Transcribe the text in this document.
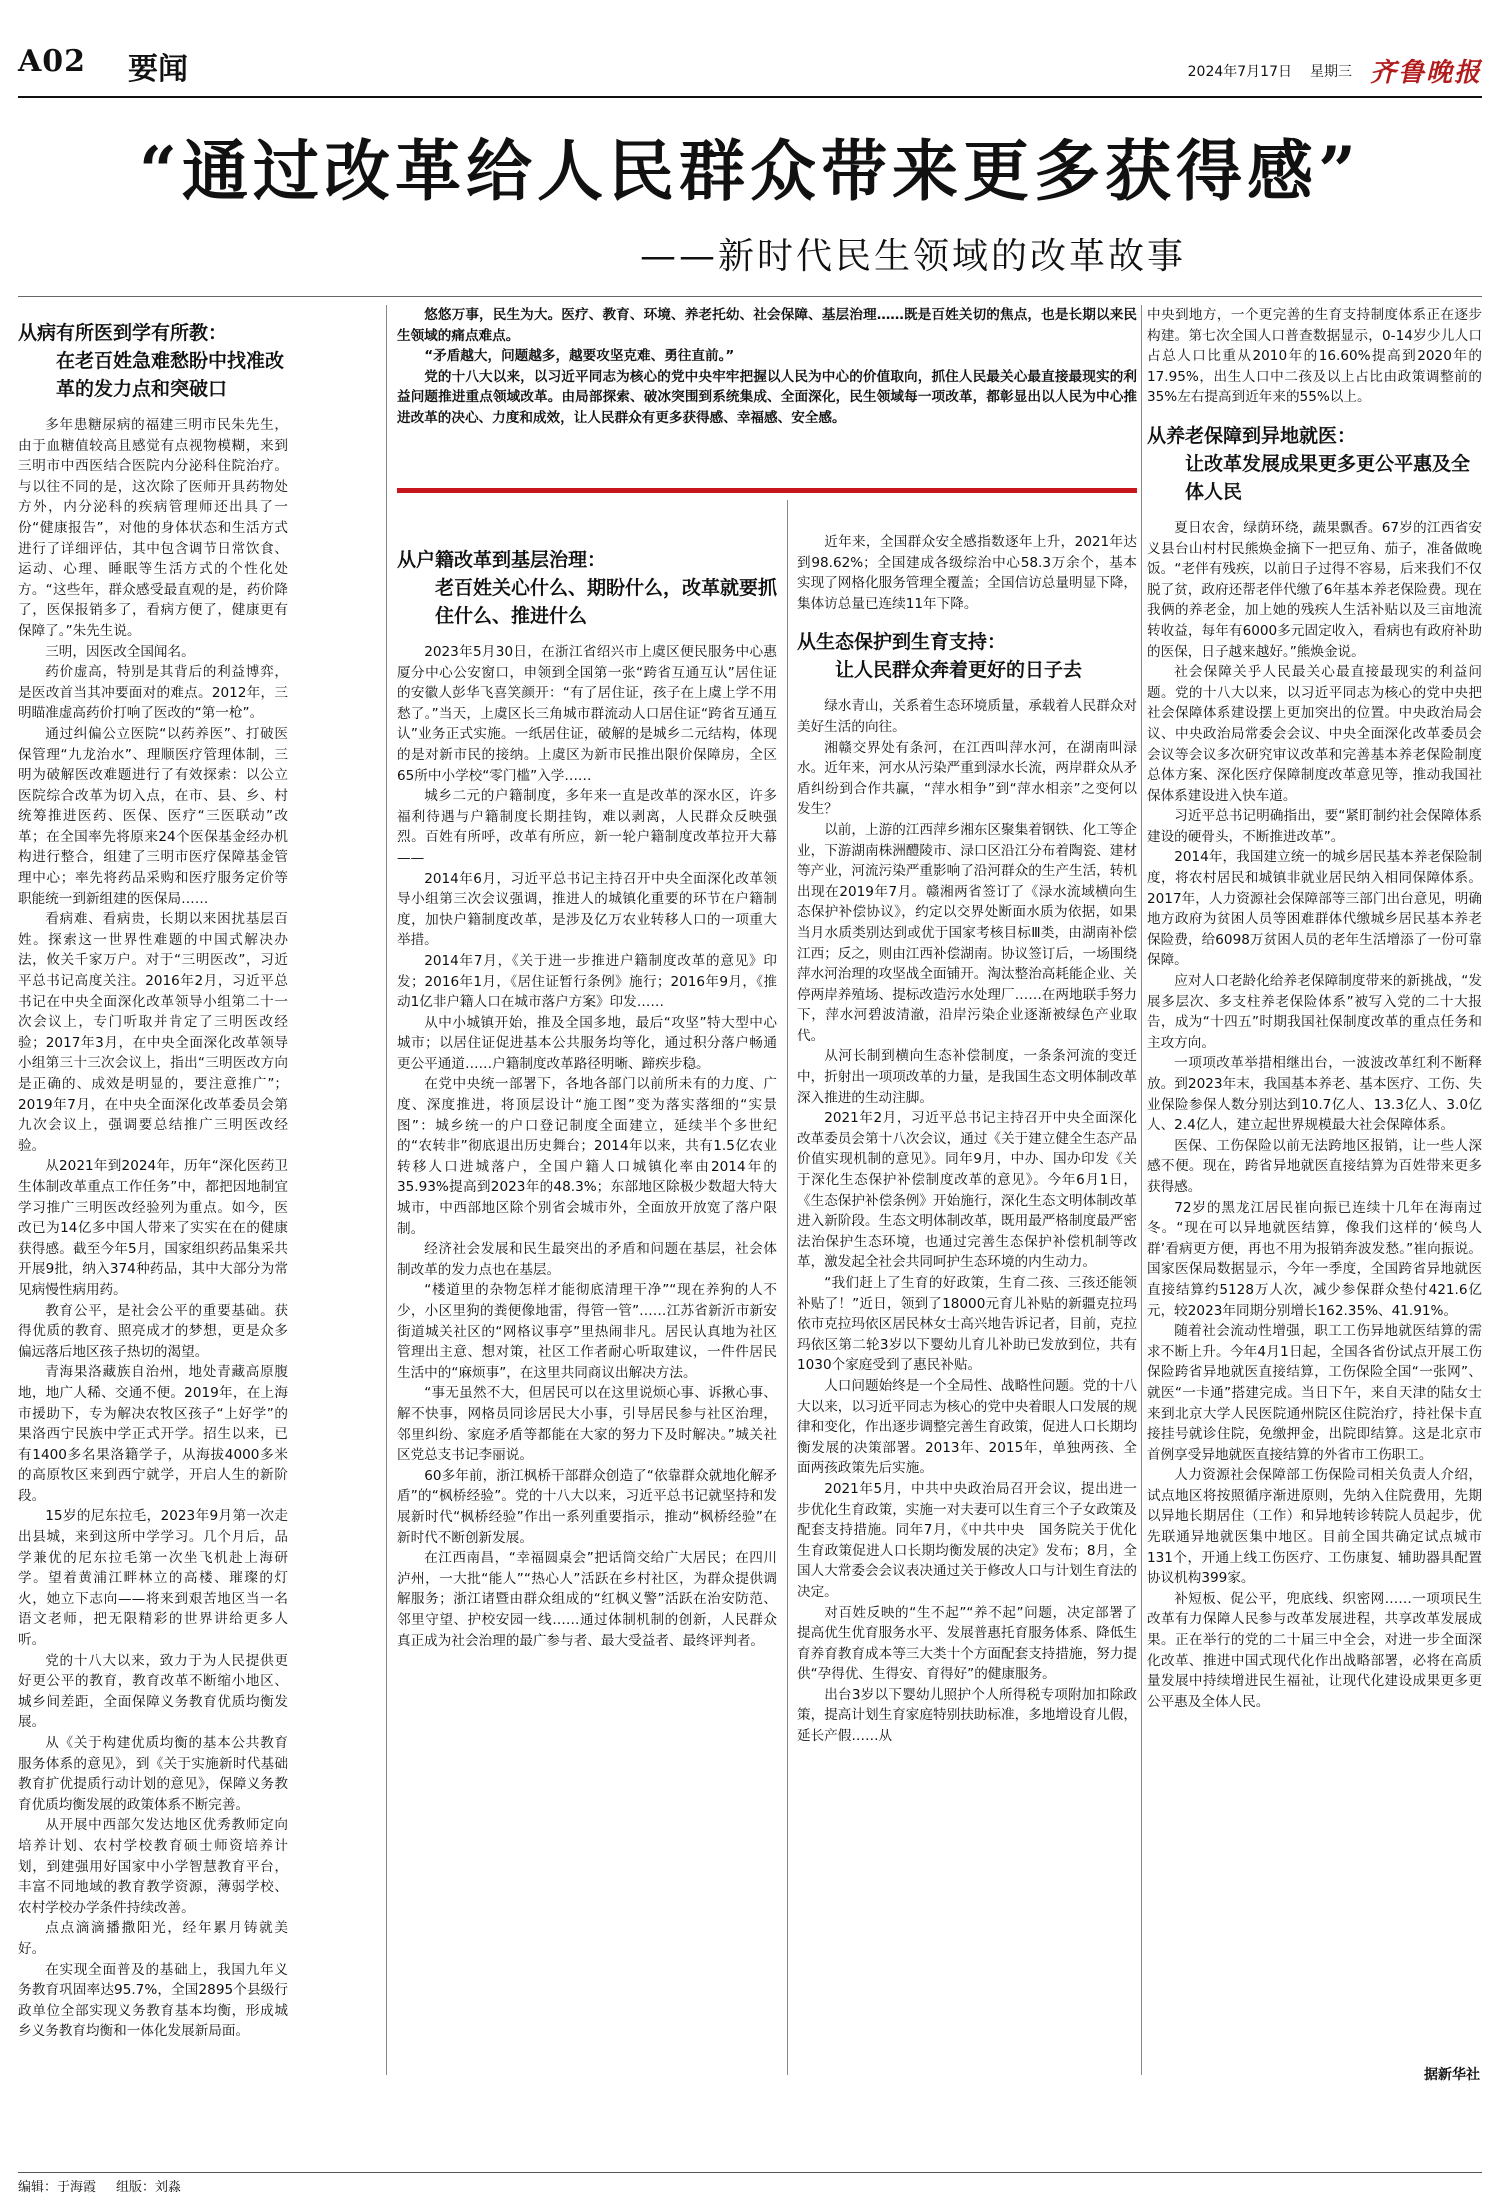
A02 要闻	2024年7月17日 星期三 齐鲁晚报
“通过改革给人民群众带来更多获得感”
——新时代民生领域的改革故事
从病有所医到学有所教：
在老百姓急难愁盼中找准改革的发力点和突破口

多年患糖尿病的福建三明市民朱先生，由于血糖值较高且感觉有点视物模糊，来到三明市中西医结合医院内分泌科住院治疗。与以往不同的是，这次除了医师开具药物处方外，内分泌科的疾病管理师还出具了一份“健康报告”，对他的身体状态和生活方式进行了详细评估，其中包含调节日常饮食、运动、心理、睡眠等生活方式的个性化处方。“这些年，群众感受最直观的是，药价降了，医保报销多了，看病方便了，健康更有保障了。”朱先生说。

三明，因医改全国闻名。

药价虚高，特别是其背后的利益博弈，是医改首当其冲要面对的难点。2012年，三明瞄准虚高药价打响了医改的“第一枪”。

通过纠偏公立医院“以药养医”、打破医保管理“九龙治水”、理顺医疗管理体制，三明为破解医改难题进行了有效探索：以公立医院综合改革为切入点，在市、县、乡、村统筹推进医药、医保、医疗“三医联动”改革；在全国率先将原来24个医保基金经办机构进行整合，组建了三明市医疗保障基金管理中心；率先将药品采购和医疗服务定价等职能统一到新组建的医保局……

看病难、看病贵，长期以来困扰基层百姓。探索这一世界性难题的中国式解决办法，攸关千家万户。对于“三明医改”，习近平总书记高度关注。2016年2月，习近平总书记在中央全面深化改革领导小组第二十一次会议上，专门听取并肯定了三明医改经验；2017年3月，在中央全面深化改革领导小组第三十三次会议上，指出“三明医改方向是正确的、成效是明显的，要注意推广”；2019年7月，在中央全面深化改革委员会第九次会议上，强调要总结推广三明医改经验。

从2021年到2024年，历年“深化医药卫生体制改革重点工作任务”中，都把因地制宜学习推广三明医改经验列为重点。如今，医改已为14亿多中国人带来了实实在在的健康获得感。截至今年5月，国家组织药品集采共开展9批，纳入374种药品，其中大部分为常见病慢性病用药。

教育公平，是社会公平的重要基础。获得优质的教育、照亮成才的梦想，更是众多偏远落后地区孩子热切的渴望。

青海果洛藏族自治州，地处青藏高原腹地，地广人稀、交通不便。2019年，在上海市援助下，专为解决农牧区孩子“上好学”的果洛西宁民族中学正式开学。招生以来，已有1400多名果洛籍学子，从海拔4000多米的高原牧区来到西宁就学，开启人生的新阶段。

15岁的尼东拉毛，2023年9月第一次走出县城，来到这所中学学习。几个月后，品学兼优的尼东拉毛第一次坐飞机赴上海研学。望着黄浦江畔林立的高楼、璀璨的灯火，她立下志向——将来到艰苦地区当一名语文老师，把无限精彩的世界讲给更多人听。

党的十八大以来，致力于为人民提供更好更公平的教育，教育改革不断缩小地区、城乡间差距，全面保障义务教育优质均衡发展。

从《关于构建优质均衡的基本公共教育服务体系的意见》，到《关于实施新时代基础教育扩优提质行动计划的意见》，保障义务教育优质均衡发展的政策体系不断完善。

从开展中西部欠发达地区优秀教师定向培养计划、农村学校教育硕士师资培养计划，到建强用好国家中小学智慧教育平台，丰富不同地域的教育教学资源，薄弱学校、农村学校办学条件持续改善。

点点滴滴播撒阳光，经年累月铸就美好。

在实现全面普及的基础上，我国九年义务教育巩固率达95.7%，全国2895个县级行政单位全部实现义务教育基本均衡，形成城乡义务教育均衡和一体化发展新局面。

悠悠万事，民生为大。医疗、教育、环境、养老托幼、社会保障、基层治理……既是百姓关切的焦点，也是长期以来民生领域的痛点难点。

“矛盾越大，问题越多，越要攻坚克难、勇往直前。”

党的十八大以来，以习近平同志为核心的党中央牢牢把握以人民为中心的价值取向，抓住人民最关心最直接最现实的利益问题推进重点领域改革。由局部探索、破冰突围到系统集成、全面深化，民生领域每一项改革，都彰显出以人民为中心推进改革的决心、力度和成效，让人民群众有更多获得感、幸福感、安全感。

从户籍改革到基层治理：
老百姓关心什么、期盼什么，改革就要抓住什么、推进什么

2023年5月30日，在浙江省绍兴市上虞区便民服务中心惠厦分中心公安窗口，申领到全国第一张“跨省互通互认”居住证的安徽人彭华飞喜笑颜开：“有了居住证，孩子在上虞上学不用愁了。”当天，上虞区长三角城市群流动人口居住证“跨省互通互认”业务正式实施。一纸居住证，破解的是城乡二元结构，体现的是对新市民的接纳。上虞区为新市民推出限价保障房，全区65所中小学校“零门槛”入学……

城乡二元的户籍制度，多年来一直是改革的深水区，许多福利待遇与户籍制度长期挂钩，难以剥离，人民群众反映强烈。百姓有所呼，改革有所应，新一轮户籍制度改革拉开大幕——

2014年6月，习近平总书记主持召开中央全面深化改革领导小组第三次会议强调，推进人的城镇化重要的环节在户籍制度，加快户籍制度改革，是涉及亿万农业转移人口的一项重大举措。

2014年7月，《关于进一步推进户籍制度改革的意见》印发；2016年1月，《居住证暂行条例》施行；2016年9月，《推动1亿非户籍人口在城市落户方案》印发……

从中小城镇开始，推及全国多地，最后“攻坚”特大型中心城市；以居住证促进基本公共服务均等化，通过积分落户畅通更公平通道……户籍制度改革路径明晰、蹄疾步稳。

在党中央统一部署下，各地各部门以前所未有的力度、广度、深度推进，将顶层设计“施工图”变为落实落细的“实景图”：城乡统一的户口登记制度全面建立，延续半个多世纪的“农转非”彻底退出历史舞台；2014年以来，共有1.5亿农业转移人口进城落户，全国户籍人口城镇化率由2014年的35.93%提高到2023年的48.3%；东部地区除极少数超大特大城市，中西部地区除个别省会城市外，全面放开放宽了落户限制。

经济社会发展和民生最突出的矛盾和问题在基层，社会体制改革的发力点也在基层。

“楼道里的杂物怎样才能彻底清理干净”“现在养狗的人不少，小区里狗的粪便像地雷，得管一管”……江苏省新沂市新安街道城关社区的“网格议事亭”里热闹非凡。居民认真地为社区管理出主意、想对策，社区工作者耐心听取建议，一件件居民生活中的“麻烦事”，在这里共同商议出解决方法。

“事无虽然不大，但居民可以在这里说烦心事、诉揪心事、解不快事，网格员同诊居民大小事，引导居民参与社区治理，邻里纠纷、家庭矛盾等都能在大家的努力下及时解决。”城关社区党总支书记李丽说。

60多年前，浙江枫桥干部群众创造了“依靠群众就地化解矛盾”的“枫桥经验”。党的十八大以来，习近平总书记就坚持和发展新时代“枫桥经验”作出一系列重要指示，推动“枫桥经验”在新时代不断创新发展。

在江西南昌，“幸福圆桌会”把话筒交给广大居民；在四川泸州，一大批“能人”“热心人”活跃在乡村社区，为群众提供调解服务；浙江诸暨由群众组成的“红枫义警”活跃在治安防范、邻里守望、护校安园一线……通过体制机制的创新，人民群众真正成为社会治理的最广参与者、最大受益者、最终评判者。

近年来，全国群众安全感指数逐年上升，2021年达到98.62%；全国建成各级综治中心58.3万余个，基本实现了网格化服务管理全覆盖；全国信访总量明显下降，集体访总量已连续11年下降。

从生态保护到生育支持：
让人民群众奔着更好的日子去

绿水青山，关系着生态环境质量，承载着人民群众对美好生活的向往。

湘赣交界处有条河，在江西叫萍水河，在湖南叫渌水。近年来，河水从污染严重到渌水长流，两岸群众从矛盾纠纷到合作共赢，“萍水相争”到“萍水相亲”之变何以发生？

以前，上游的江西萍乡湘东区聚集着钢铁、化工等企业，下游湖南株洲醴陵市、渌口区沿江分布着陶瓷、建材等产业，河流污染严重影响了沿河群众的生产生活，转机出现在2019年7月。赣湘两省签订了《渌水流域横向生态保护补偿协议》，约定以交界处断面水质为依据，如果当月水质类别达到或优于国家考核目标Ⅲ类，由湖南补偿江西；反之，则由江西补偿湖南。协议签订后，一场围绕萍水河治理的攻坚战全面铺开。淘汰整治高耗能企业、关停两岸养殖场、提标改造污水处理厂……在两地联手努力下，萍水河碧波清澈，沿岸污染企业逐渐被绿色产业取代。

从河长制到横向生态补偿制度，一条条河流的变迁中，折射出一项项改革的力量，是我国生态文明体制改革深入推进的生动注脚。

2021年2月，习近平总书记主持召开中央全面深化改革委员会第十八次会议，通过《关于建立健全生态产品价值实现机制的意见》。同年9月，中办、国办印发《关于深化生态保护补偿制度改革的意见》。今年6月1日，《生态保护补偿条例》开始施行，深化生态文明体制改革进入新阶段。生态文明体制改革，既用最严格制度最严密法治保护生态环境，也通过完善生态保护补偿机制等改革，激发起全社会共同呵护生态环境的内生动力。

“我们赶上了生育的好政策，生育二孩、三孩还能领补贴了！”近日，领到了18000元育儿补贴的新疆克拉玛依市克拉玛依区居民林女士高兴地告诉记者，目前，克拉玛依区第二轮3岁以下婴幼儿育儿补助已发放到位，共有1030个家庭受到了惠民补贴。

人口问题始终是一个全局性、战略性问题。党的十八大以来，以习近平同志为核心的党中央着眼人口发展的规律和变化，作出逐步调整完善生育政策，促进人口长期均衡发展的决策部署。2013年、2015年，单独两孩、全面两孩政策先后实施。

2021年5月，中共中央政治局召开会议，提出进一步优化生育政策，实施一对夫妻可以生育三个子女政策及配套支持措施。同年7月，《中共中央　国务院关于优化生育政策促进人口长期均衡发展的决定》发布；8月，全国人大常委会会议表决通过关于修改人口与计划生育法的决定。

对百姓反映的“生不起”“养不起”问题，决定部署了提高优生优育服务水平、发展普惠托育服务体系、降低生育养育教育成本等三大类十个方面配套支持措施，努力提供“孕得优、生得安、育得好”的健康服务。

出台3岁以下婴幼儿照护个人所得税专项附加扣除政策，提高计划生育家庭特别扶助标准，多地增设育儿假，延长产假……从

中央到地方，一个更完善的生育支持制度体系正在逐步构建。第七次全国人口普查数据显示，0-14岁少儿人口占总人口比重从2010年的16.60%提高到2020年的17.95%，出生人口中二孩及以上占比由政策调整前的35%左右提高到近年来的55%以上。

从养老保障到异地就医：
让改革发展成果更多更公平惠及全体人民

夏日农舍，绿荫环绕，蔬果飘香。67岁的江西省安义县台山村村民熊焕金摘下一把豆角、茄子，准备做晚饭。“老伴有残疾，以前日子过得不容易，后来我们不仅脱了贫，政府还帮老伴代缴了6年基本养老保险费。现在我俩的养老金，加上她的残疾人生活补贴以及三亩地流转收益，每年有6000多元固定收入，看病也有政府补助的医保，日子越来越好。”熊焕金说。

社会保障关乎人民最关心最直接最现实的利益问题。党的十八大以来，以习近平同志为核心的党中央把社会保障体系建设摆上更加突出的位置。中央政治局会议、中央政治局常委会会议、中央全面深化改革委员会会议等会议多次研究审议改革和完善基本养老保险制度总体方案、深化医疗保障制度改革意见等，推动我国社保体系建设进入快车道。

习近平总书记明确指出，要“紧盯制约社会保障体系建设的硬骨头，不断推进改革”。

2014年，我国建立统一的城乡居民基本养老保险制度，将农村居民和城镇非就业居民纳入相同保障体系。2017年，人力资源社会保障部等三部门出台意见，明确地方政府为贫困人员等困难群体代缴城乡居民基本养老保险费，给6098万贫困人员的老年生活增添了一份可靠保障。

应对人口老龄化给养老保障制度带来的新挑战，“发展多层次、多支柱养老保险体系”被写入党的二十大报告，成为“十四五”时期我国社保制度改革的重点任务和主攻方向。

一项项改革举措相继出台，一波波改革红利不断释放。到2023年末，我国基本养老、基本医疗、工伤、失业保险参保人数分别达到10.7亿人、13.3亿人、3.0亿人、2.4亿人，建立起世界规模最大社会保障体系。

医保、工伤保险以前无法跨地区报销，让一些人深感不便。现在，跨省异地就医直接结算为百姓带来更多获得感。

72岁的黑龙江居民崔向振已连续十几年在海南过冬。“现在可以异地就医结算，像我们这样的‘候鸟人群’看病更方便，再也不用为报销奔波发愁。”崔向振说。国家医保局数据显示，今年一季度，全国跨省异地就医直接结算约5128万人次，减少参保群众垫付421.6亿元，较2023年同期分别增长162.35%、41.91%。

随着社会流动性增强，职工工伤异地就医结算的需求不断上升。今年4月1日起，全国各省份试点开展工伤保险跨省异地就医直接结算，工伤保险全国“一张网”、就医“一卡通”搭建完成。当日下午，来自天津的陆女士来到北京大学人民医院通州院区住院治疗，持社保卡直接挂号就诊住院，免缴押金，出院即结算。这是北京市首例享受异地就医直接结算的外省市工伤职工。

人力资源社会保障部工伤保险司相关负责人介绍，试点地区将按照循序渐进原则，先纳入住院费用，先期以异地长期居住（工作）和异地转诊转院人员起步，优先联通异地就医集中地区。目前全国共确定试点城市131个，开通上线工伤医疗、工伤康复、辅助器具配置协议机构399家。

补短板、促公平，兜底线、织密网……一项项民生改革有力保障人民参与改革发展进程，共享改革发展成果。正在举行的党的二十届三中全会，对进一步全面深化改革、推进中国式现代化作出战略部署，必将在高质量发展中持续增进民生福祉，让现代化建设成果更多更公平惠及全体人民。

据新华社
编辑：于海霞 组版：刘淼
